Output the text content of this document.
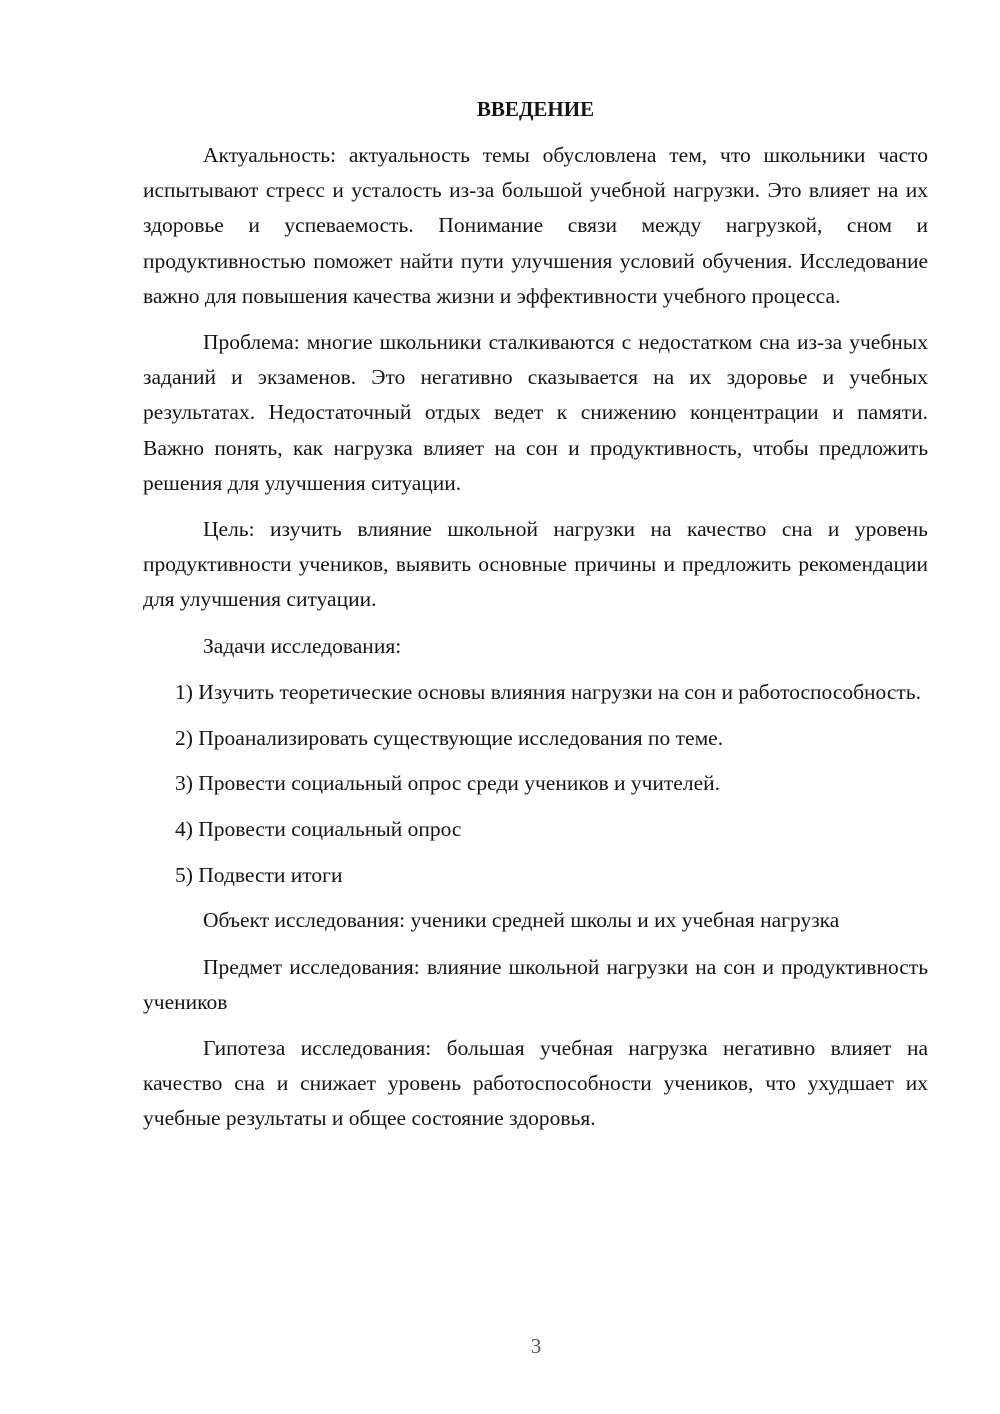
ВВЕДЕНИЕ

Актуальность: актуальность темы обусловлена тем, что школьники часто испытывают стресс и усталость из-за большой учебной нагрузки. Это влияет на их здоровье и успеваемость. Понимание связи между нагрузкой, сном и продуктивностью поможет найти пути улучшения условий обучения. Исследование важно для повышения качества жизни и эффективности учебного процесса.

Проблема: многие школьники сталкиваются с недостатком сна из-за учебных заданий и экзаменов. Это негативно сказывается на их здоровье и учебных результатах. Недостаточный отдых ведет к снижению концентрации и памяти. Важно понять, как нагрузка влияет на сон и продуктивность, чтобы предложить решения для улучшения ситуации.

Цель: изучить влияние школьной нагрузки на качество сна и уровень продуктивности учеников, выявить основные причины и предложить рекомендации для улучшения ситуации.

Задачи исследования:

1) Изучить теоретические основы влияния нагрузки на сон и работоспособность.

2) Проанализировать существующие исследования по теме.

3) Провести социальный опрос среди учеников и учителей.

4) Провести социальный опрос

5) Подвести итоги

Объект исследования: ученики средней школы и их учебная нагрузка

Предмет исследования: влияние школьной нагрузки на сон и продуктивность учеников

Гипотеза исследования: большая учебная нагрузка негативно влияет на качество сна и снижает уровень работоспособности учеников, что ухудшает их учебные результаты и общее состояние здоровья.

3
